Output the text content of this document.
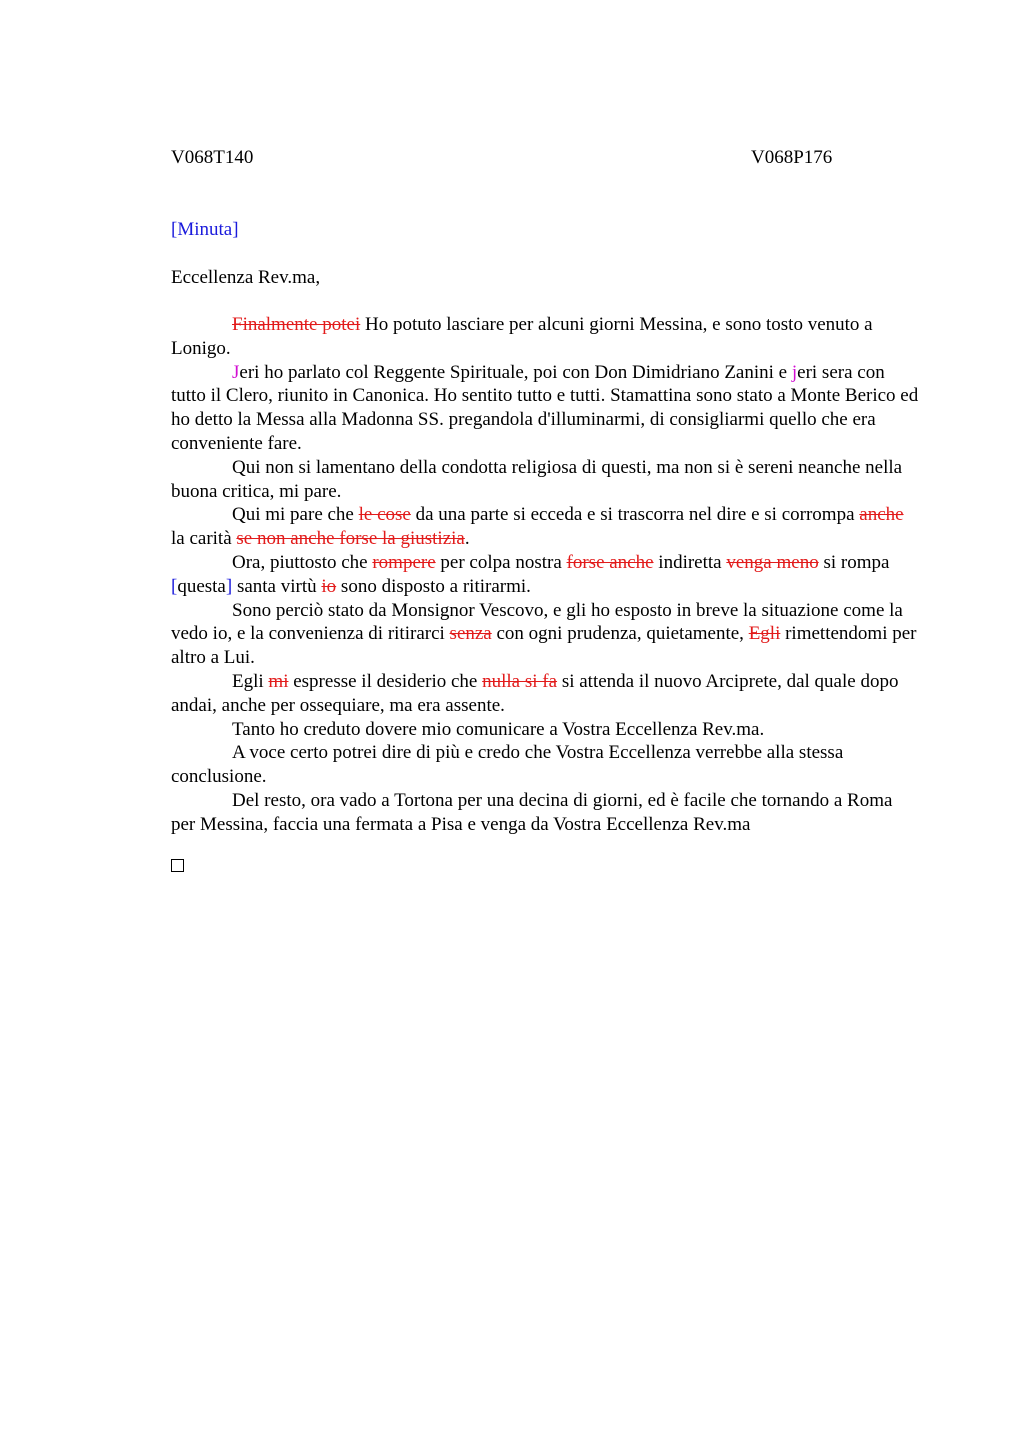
V068T140	V068P176
[Minuta]
Eccellenza Rev.ma,

Finalmente potei Ho potuto lasciare per alcuni giorni Messina, e sono tosto venuto a Lonigo.

Jeri ho parlato col Reggente Spirituale, poi con Don Dimidriano Zanini e jeri sera con tutto il Clero, riunito in Canonica. Ho sentito tutto e tutti. Stamattina sono stato a Monte Berico ed ho detto la Messa alla Madonna SS. pregandola d'illuminarmi, di consigliarmi quello che era conveniente fare.

Qui non si lamentano della condotta religiosa di questi, ma non si è sereni neanche nella buona critica, mi pare.

Qui mi pare che le cose da una parte si ecceda e si trascorra nel dire e si corrompa anche la carità se non anche forse la giustizia.

Ora, piuttosto che rompere per colpa nostra forse anche indiretta venga meno si rompa [questa] santa virtù io sono disposto a ritirarmi.

Sono perciò stato da Monsignor Vescovo, e gli ho esposto in breve la situazione come la vedo io, e la convenienza di ritirarci senza con ogni prudenza, quietamente, Egli rimettendomi per altro a Lui.

Egli mi espresse il desiderio che nulla si fa si attenda il nuovo Arciprete, dal quale dopo andai, anche per ossequiare, ma era assente.

Tanto ho creduto dovere mio comunicare a Vostra Eccellenza Rev.ma.

A voce certo potrei dire di più e credo che Vostra Eccellenza verrebbe alla stessa conclusione.

Del resto, ora vado a Tortona per una decina di giorni, ed è facile che tornando a Roma per Messina, faccia una fermata a Pisa e venga da Vostra Eccellenza Rev.ma
